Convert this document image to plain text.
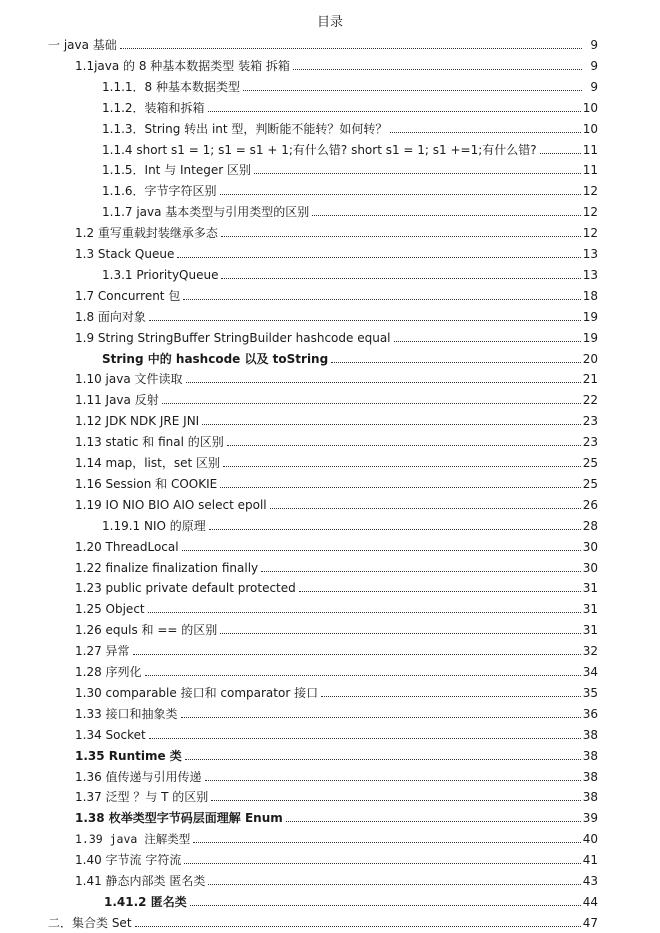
目录
一 java 基础	9
1.1java 的 8 种基本数据类型 装箱 拆箱	9
1.1.1．8 种基本数据类型	9
1.1.2．装箱和拆箱	10
1.1.3．String 转出 int 型，判断能不能转？如何转？	10
1.1.4 short s1 = 1; s1 = s1 + 1;有什么错? short s1 = 1; s1 +=1;有什么错?	11
1.1.5．Int 与 Integer 区别	11
1.1.6．字节字符区别	12
1.1.7 java 基本类型与引用类型的区别	12
1.2 重写重载封装继承多态	12
1.3 Stack Queue	13
1.3.1 PriorityQueue	13
1.7 Concurrent 包	18
1.8 面向对象	19
1.9 String StringBuffer StringBuilder hashcode equal	19
String 中的 hashcode 以及 toString	20
1.10 java 文件读取	21
1.11 Java 反射	22
1.12 JDK NDK JRE JNI	23
1.13 static 和 final 的区别	23
1.14 map，list，set 区别	25
1.16 Session 和 COOKIE	25
1.19 IO NIO BIO AIO select epoll	26
1.19.1 NIO 的原理	28
1.20 ThreadLocal	30
1.22 finalize finalization finally	30
1.23 public private default protected	31
1.25 Object	31
1.26 equls 和 == 的区别	31
1.27 异常	32
1.28 序列化	34
1.30 comparable 接口和 comparator 接口	35
1.33 接口和抽象类	36
1.34 Socket	38
1.35 Runtime 类	38
1.36 值传递与引用传递	38
1.37 泛型 ？与 T 的区别	38
1.38 枚举类型字节码层面理解 Enum	39
1.39 java 注解类型	40
1.40 字节流 字符流	41
1.41 静态内部类 匿名类	43
1.41.2 匿名类	44
二．集合类 Set	47
